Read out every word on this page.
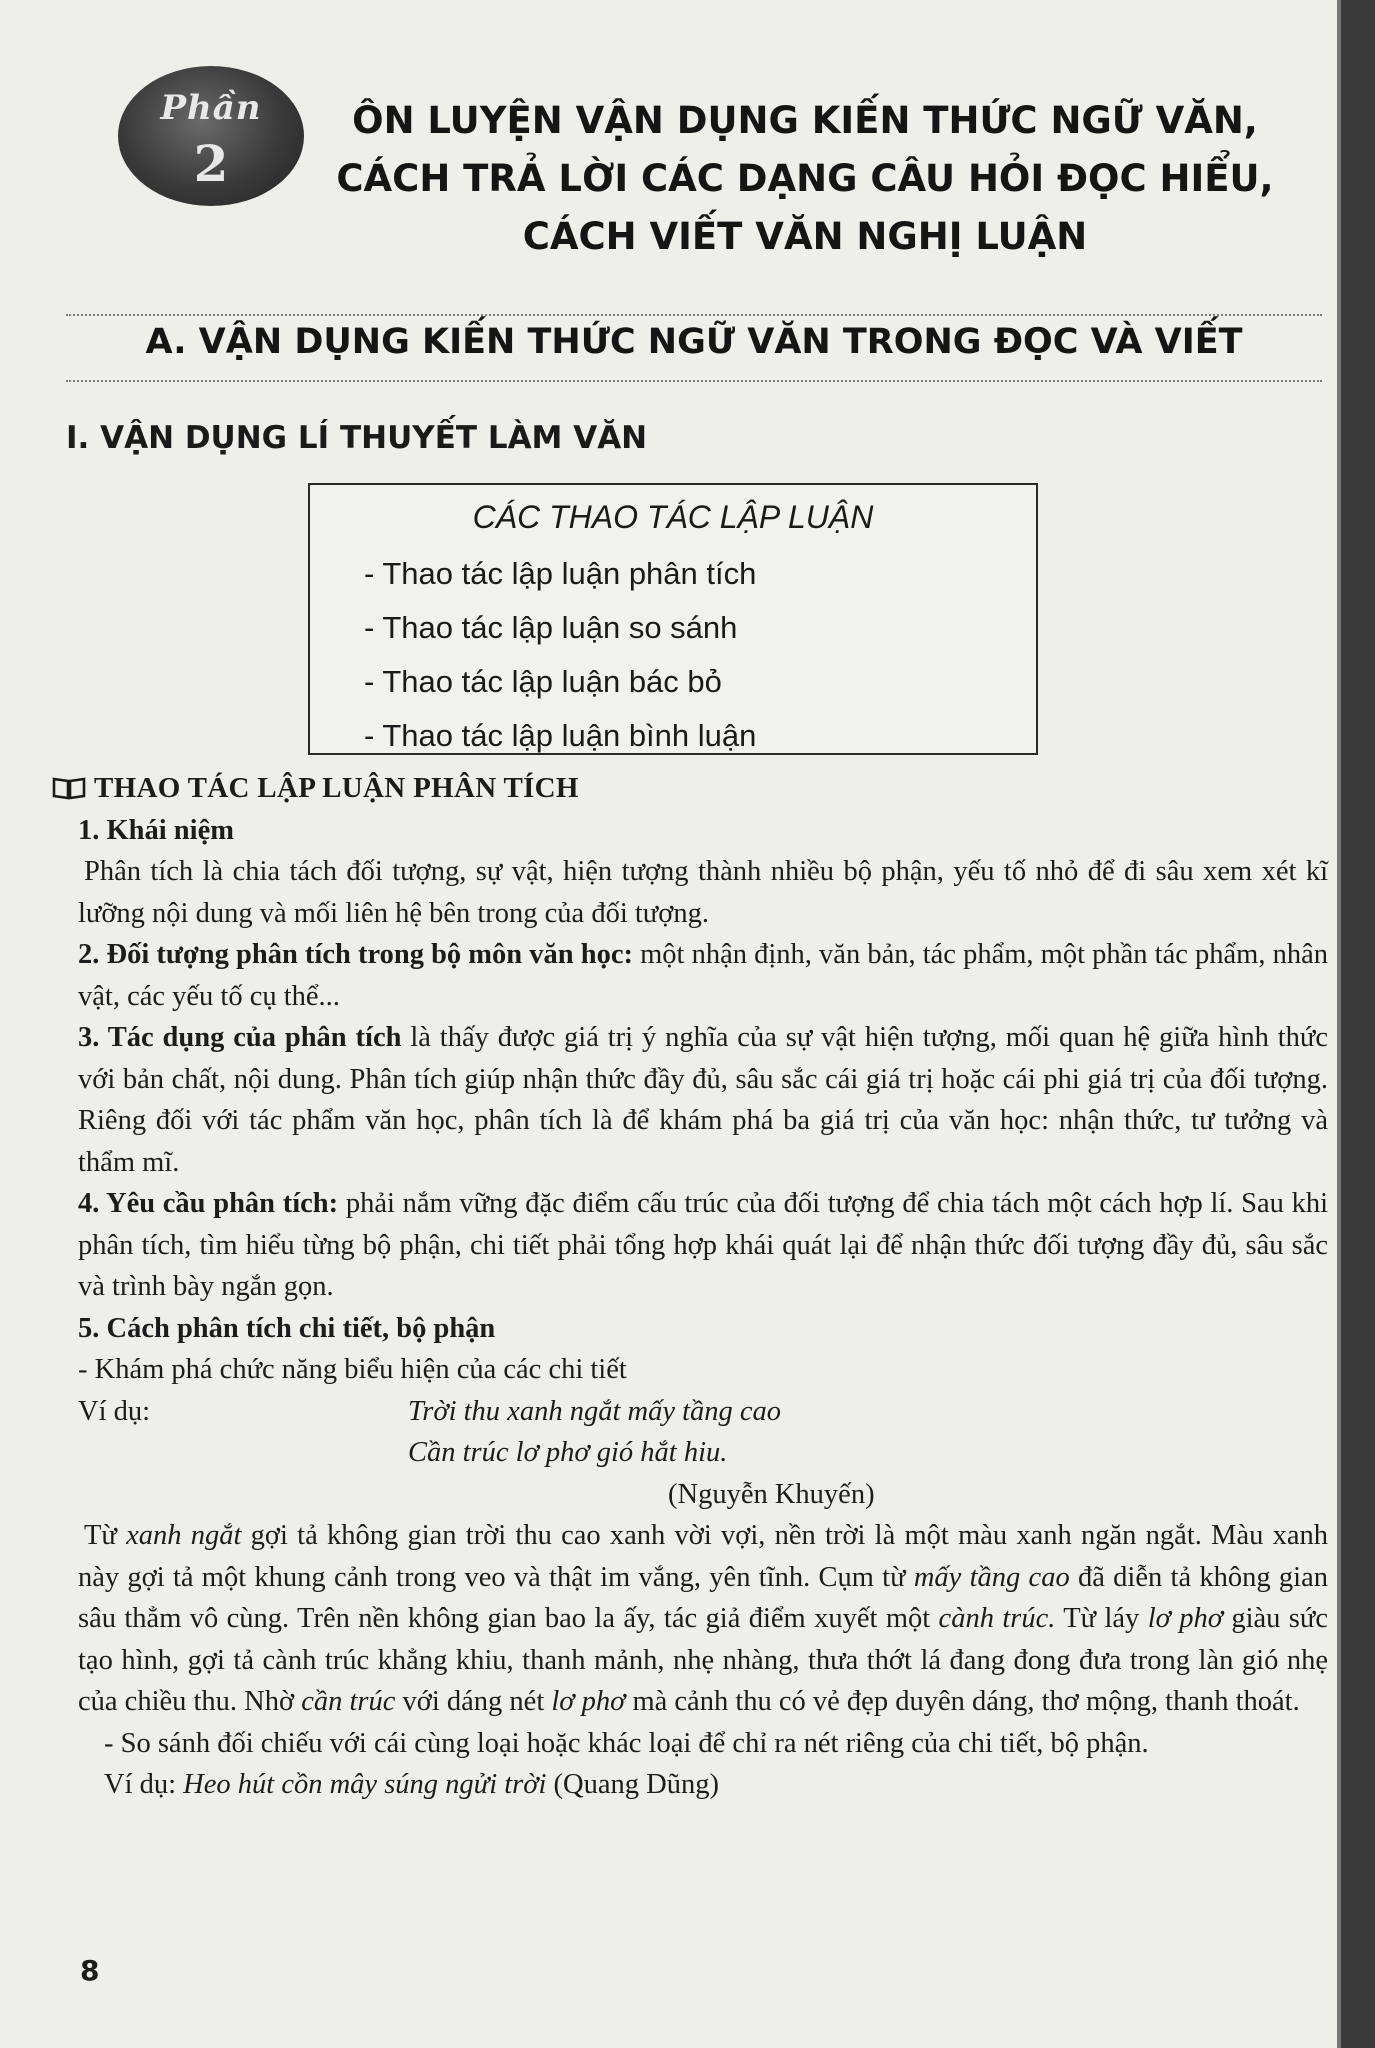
Phần
2
ÔN LUYỆN VẬN DỤNG KIẾN THỨC NGỮ VĂN,
CÁCH TRẢ LỜI CÁC DẠNG CÂU HỎI ĐỌC HIỂU,
CÁCH VIẾT VĂN NGHỊ LUẬN
A. VẬN DỤNG KIẾN THỨC NGỮ VĂN TRONG ĐỌC VÀ VIẾT
I. VẬN DỤNG LÍ THUYẾT LÀM VĂN
CÁC THAO TÁC LẬP LUẬN
- Thao tác lập luận phân tích
- Thao tác lập luận so sánh
- Thao tác lập luận bác bỏ
- Thao tác lập luận bình luận

THAO TÁC LẬP LUẬN PHÂN TÍCH

1. Khái niệm

Phân tích là chia tách đối tượng, sự vật, hiện tượng thành nhiều bộ phận, yếu tố nhỏ để đi sâu xem xét kĩ lưỡng nội dung và mối liên hệ bên trong của đối tượng.

2. Đối tượng phân tích trong bộ môn văn học: một nhận định, văn bản, tác phẩm, một phần tác phẩm, nhân vật, các yếu tố cụ thể...

3. Tác dụng của phân tích là thấy được giá trị ý nghĩa của sự vật hiện tượng, mối quan hệ giữa hình thức với bản chất, nội dung. Phân tích giúp nhận thức đầy đủ, sâu sắc cái giá trị hoặc cái phi giá trị của đối tượng. Riêng đối với tác phẩm văn học, phân tích là để khám phá ba giá trị của văn học: nhận thức, tư tưởng và thẩm mĩ.

4. Yêu cầu phân tích: phải nắm vững đặc điểm cấu trúc của đối tượng để chia tách một cách hợp lí. Sau khi phân tích, tìm hiểu từng bộ phận, chi tiết phải tổng hợp khái quát lại để nhận thức đối tượng đầy đủ, sâu sắc và trình bày ngắn gọn.

5. Cách phân tích chi tiết, bộ phận

- Khám phá chức năng biểu hiện của các chi tiết

Ví dụ:	Trời thu xanh ngắt mấy tầng cao
Cần trúc lơ phơ gió hắt hiu.
(Nguyễn Khuyến)

Từ xanh ngắt gợi tả không gian trời thu cao xanh vời vợi, nền trời là một màu xanh ngăn ngắt. Màu xanh này gợi tả một khung cảnh trong veo và thật im vắng, yên tĩnh. Cụm từ mấy tầng cao đã diễn tả không gian sâu thẳm vô cùng. Trên nền không gian bao la ấy, tác giả điểm xuyết một cành trúc. Từ láy lơ phơ giàu sức tạo hình, gợi tả cành trúc khẳng khiu, thanh mảnh, nhẹ nhàng, thưa thớt lá đang đong đưa trong làn gió nhẹ của chiều thu. Nhờ cần trúc với dáng nét lơ phơ mà cảnh thu có vẻ đẹp duyên dáng, thơ mộng, thanh thoát.

- So sánh đối chiếu với cái cùng loại hoặc khác loại để chỉ ra nét riêng của chi tiết, bộ phận.

Ví dụ: Heo hút cồn mây súng ngửi trời (Quang Dũng)

8
